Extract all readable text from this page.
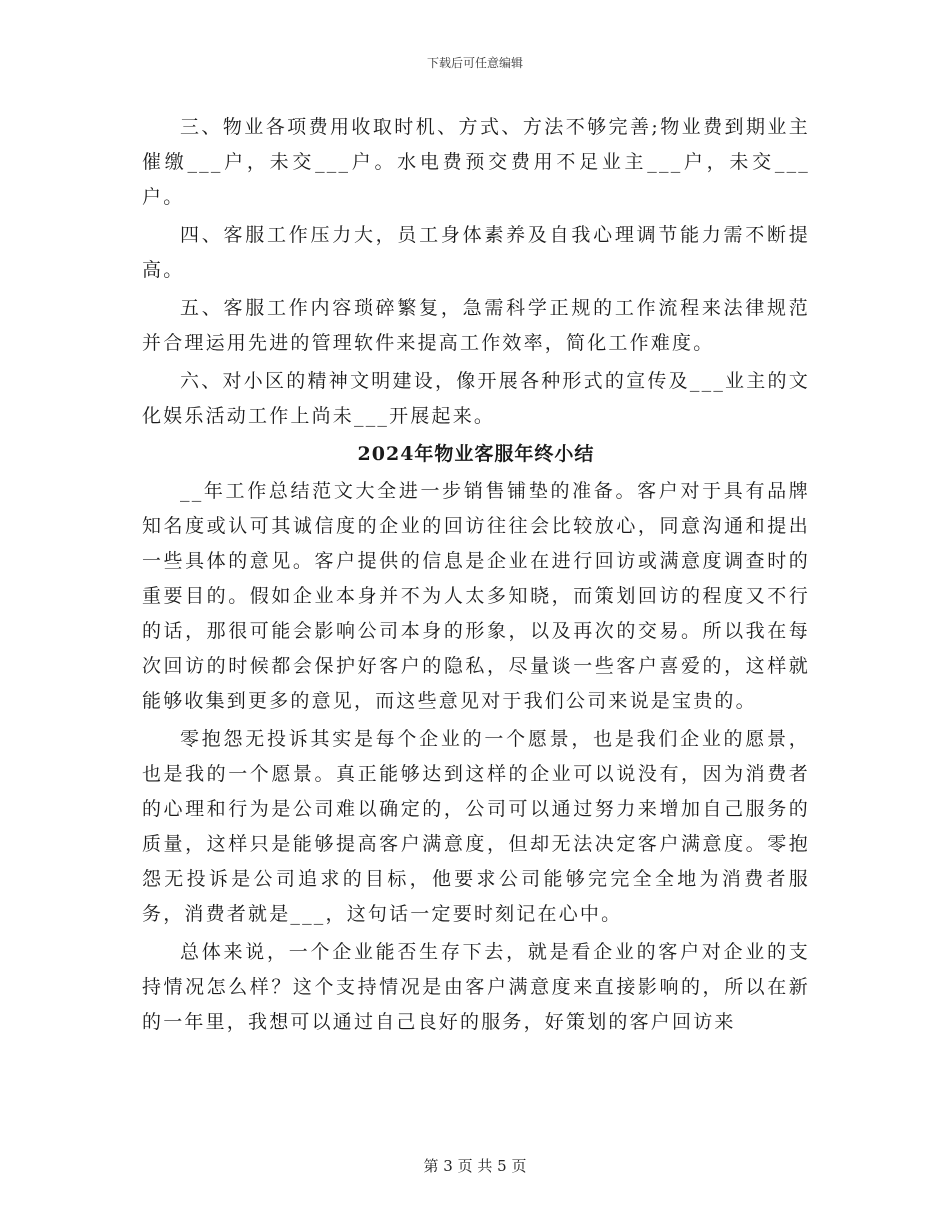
下载后可任意编辑

三、物业各项费用收取时机、方式、方法不够完善;物业费到期业主催缴___户，未交___户。水电费预交费用不足业主___户，未交___户。

四、客服工作压力大，员工身体素养及自我心理调节能力需不断提高。

五、客服工作内容琐碎繁复，急需科学正规的工作流程来法律规范并合理运用先进的管理软件来提高工作效率，简化工作难度。

六、对小区的精神文明建设，像开展各种形式的宣传及___业主的文化娱乐活动工作上尚未___开展起来。

2024年物业客服年终小结

__年工作总结范文大全进一步销售铺垫的准备。客户对于具有品牌知名度或认可其诚信度的企业的回访往往会比较放心，同意沟通和提出一些具体的意见。客户提供的信息是企业在进行回访或满意度调查时的重要目的。假如企业本身并不为人太多知晓，而策划回访的程度又不行的话，那很可能会影响公司本身的形象，以及再次的交易。所以我在每次回访的时候都会保护好客户的隐私，尽量谈一些客户喜爱的，这样就能够收集到更多的意见，而这些意见对于我们公司来说是宝贵的。

零抱怨无投诉其实是每个企业的一个愿景，也是我们企业的愿景，也是我的一个愿景。真正能够达到这样的企业可以说没有，因为消费者的心理和行为是公司难以确定的，公司可以通过努力来增加自己服务的质量，这样只是能够提高客户满意度，但却无法决定客户满意度。零抱怨无投诉是公司追求的目标，他要求公司能够完完全全地为消费者服务，消费者就是___，这句话一定要时刻记在心中。

总体来说，一个企业能否生存下去，就是看企业的客户对企业的支持情况怎么样？这个支持情况是由客户满意度来直接影响的，所以在新的一年里，我想可以通过自己良好的服务，好策划的客户回访来

第 3 页 共 5 页
